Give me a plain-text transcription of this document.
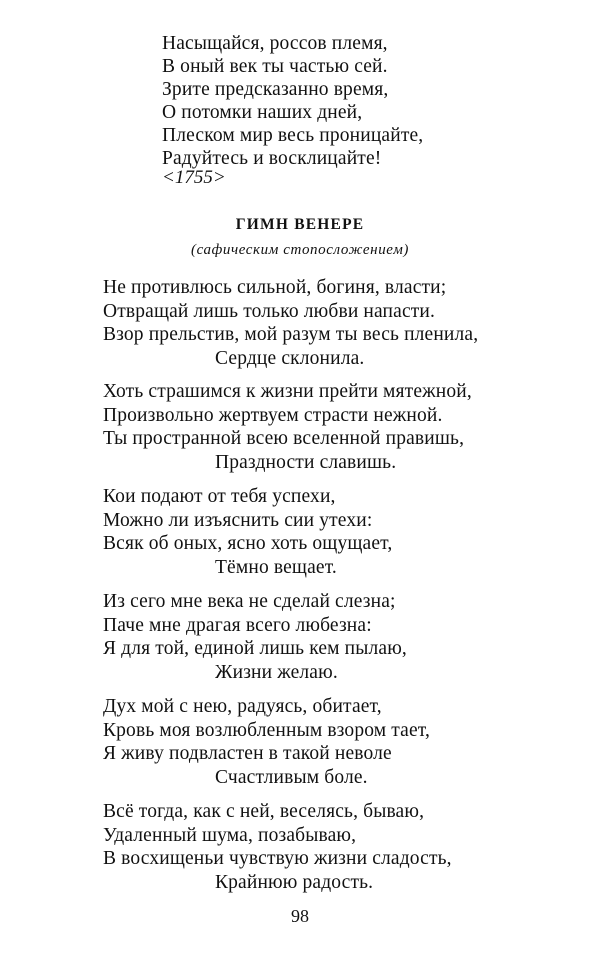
Насыщайся, россов племя,
В оный век ты частью сей.
Зрите предсказанно время,
О потомки наших дней,
Плеском мир весь проницайте,
Радуйтесь и восклицайте!
<1755>
ГИМН ВЕНЕРЕ
(сафическим стопосложением)
Не противлюсь сильной, богиня, власти;
Отвращай лишь только любви напасти.
Взор прельстив, мой разум ты весь пленила,
Сердце склонила.
Хоть страшимся к жизни прейти мятежной,
Произвольно жертвуем страсти нежной.
Ты пространной всею вселенной правишь,
Праздности славишь.
Кои подают от тебя успехи,
Можно ли изъяснить сии утехи:
Всяк об оных, ясно хоть ощущает,
Тёмно вещает.
Из сего мне века не сделай слезна;
Паче мне драгая всего любезна:
Я для той, единой лишь кем пылаю,
Жизни желаю.
Дух мой с нею, радуясь, обитает,
Кровь моя возлюбленным взором тает,
Я живу подвластен в такой неволе
Счастливым боле.
Всё тогда, как с ней, веселясь, бываю,
Удаленный шума, позабываю,
В восхищеньи чувствую жизни сладость,
Крайнюю радость.
98
